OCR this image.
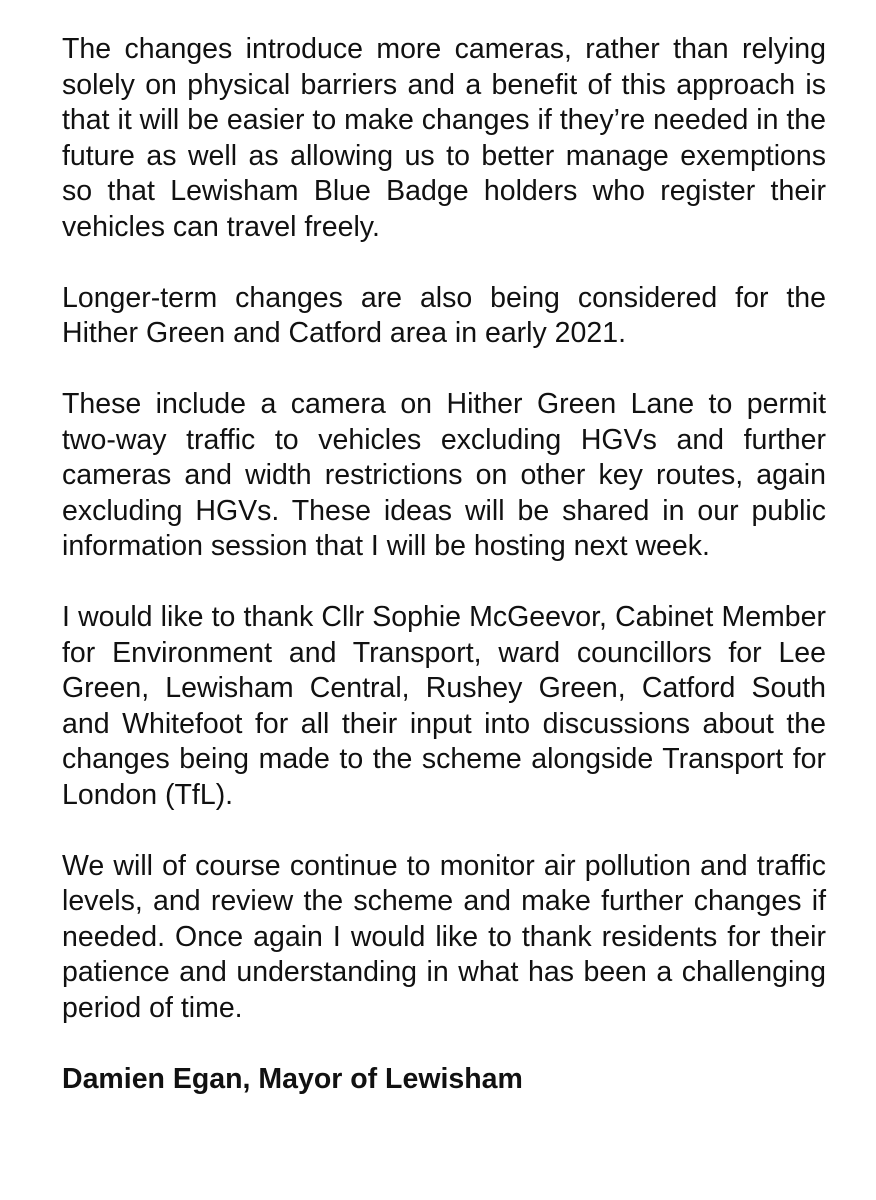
The changes introduce more cameras, rather than relying solely on physical barriers and a benefit of this approach is that it will be easier to make changes if they’re needed in the future as well as allowing us to better manage exemptions so that Lewisham Blue Badge holders who register their vehicles can travel freely.

Longer-term changes are also being considered for the Hither Green and Catford area in early 2021.

These include a camera on Hither Green Lane to permit two-way traffic to vehicles excluding HGVs and further cameras and width restrictions on other key routes, again excluding HGVs. These ideas will be shared in our public information session that I will be hosting next week.

I would like to thank Cllr Sophie McGeevor, Cabinet Member for Environment and Transport, ward councillors for Lee Green, Lewisham Central, Rushey Green, Catford South and Whitefoot for all their input into discussions about the changes being made to the scheme alongside Transport for London (TfL).

We will of course continue to monitor air pollution and traffic levels, and review the scheme and make further changes if needed. Once again I would like to thank residents for their patience and understanding in what has been a challenging period of time.

Damien Egan, Mayor of Lewisham
